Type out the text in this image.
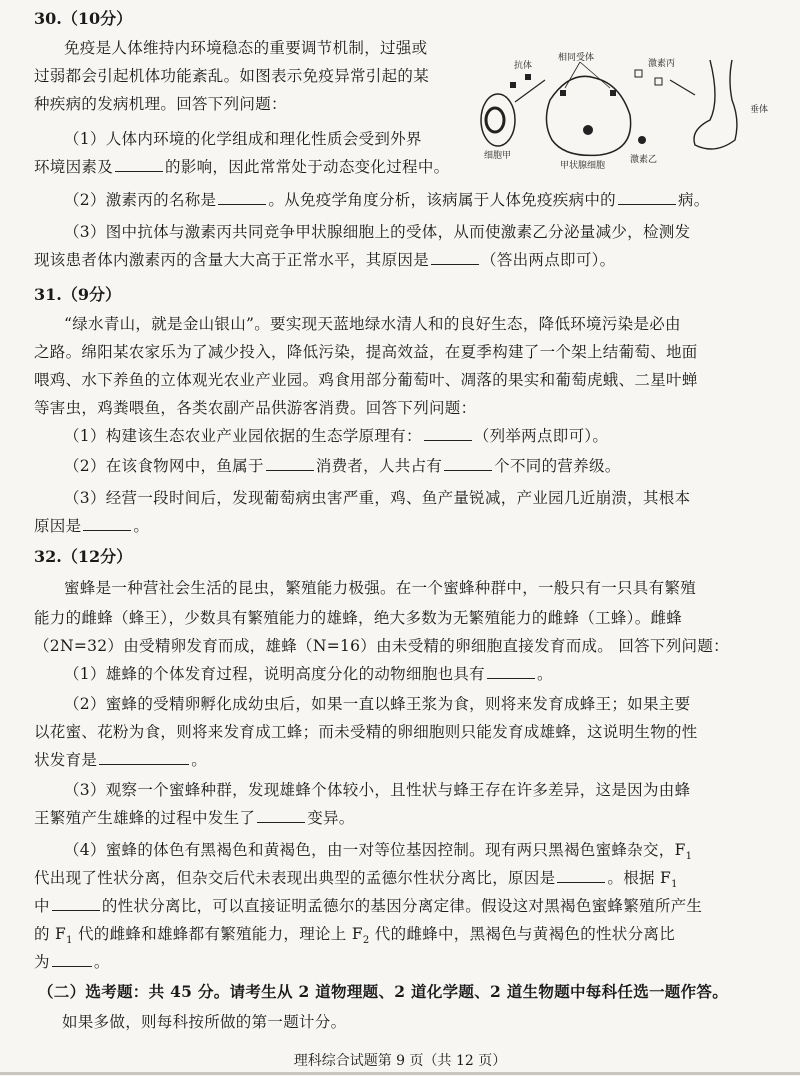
30.（10分）
免疫是人体维持内环境稳态的重要调节机制，过强或
过弱都会引起机体功能紊乱。如图表示免疫异常引起的某
种疾病的发病机理。回答下列问题：
（1）人体内环境的化学组成和理化性质会受到外界
环境因素及	的影响，因此常常处于动态变化过程中。
（2）激素丙的名称是	。从免疫学角度分析，该病属于人体免疫疾病中的	病。
（3）图中抗体与激素丙共同竞争甲状腺细胞上的受体，从而使激素乙分泌量减少，检测发
现该患者体内激素丙的含量大大高于正常水平，其原因是	（答出两点即可）。
细胞甲
抗体
相同受体
甲状腺细胞
激素丙
激素乙
垂体
31.（9分）
“绿水青山，就是金山银山”。要实现天蓝地绿水清人和的良好生态，降低环境污染是必由
之路。绵阳某农家乐为了减少投入，降低污染，提高效益，在夏季构建了一个架上结葡萄、地面
喂鸡、水下养鱼的立体观光农业产业园。鸡食用部分葡萄叶、凋落的果实和葡萄虎蛾、二星叶蝉
等害虫，鸡粪喂鱼，各类农副产品供游客消费。回答下列问题：
（1）构建该生态农业产业园依据的生态学原理有：	（列举两点即可）。
（2）在该食物网中，鱼属于	消费者，人共占有	个不同的营养级。
（3）经营一段时间后，发现葡萄病虫害严重，鸡、鱼产量锐减，产业园几近崩溃，其根本
原因是	。
32.（12分）
蜜蜂是一种营社会生活的昆虫，繁殖能力极强。在一个蜜蜂种群中，一般只有一只具有繁殖
能力的雌蜂（蜂王），少数具有繁殖能力的雄蜂，绝大多数为无繁殖能力的雌蜂（工蜂）。雌蜂
（2N=32）由受精卵发育而成，雄蜂（N=16）由未受精的卵细胞直接发育而成。 回答下列问题：
（1）雄蜂的个体发育过程，说明高度分化的动物细胞也具有	。
（2）蜜蜂的受精卵孵化成幼虫后，如果一直以蜂王浆为食，则将来发育成蜂王；如果主要
以花蜜、花粉为食，则将来发育成工蜂；而未受精的卵细胞则只能发育成雄蜂，这说明生物的性
状发育是	。
（3）观察一个蜜蜂种群，发现雄蜂个体较小，且性状与蜂王存在许多差异，这是因为由蜂
王繁殖产生雄蜂的过程中发生了	变异。
（4）蜜蜂的体色有黑褐色和黄褐色，由一对等位基因控制。现有两只黑褐色蜜蜂杂交，$F_1$
代出现了性状分离，但杂交后代未表现出典型的孟德尔性状分离比，原因是	。根据 $F_1$
中	的性状分离比，可以直接证明孟德尔的基因分离定律。假设这对黑褐色蜜蜂繁殖所产生
的 $F_1$ 代的雌蜂和雄蜂都有繁殖能力，理论上 $F_2$ 代的雌蜂中，黑褐色与黄褐色的性状分离比
为	。
（二）选考题：共 45 分。请考生从 2 道物理题、2 道化学题、2 道生物题中每科任选一题作答。
如果多做，则每科按所做的第一题计分。
理科综合试题第 9 页（共 12 页）
